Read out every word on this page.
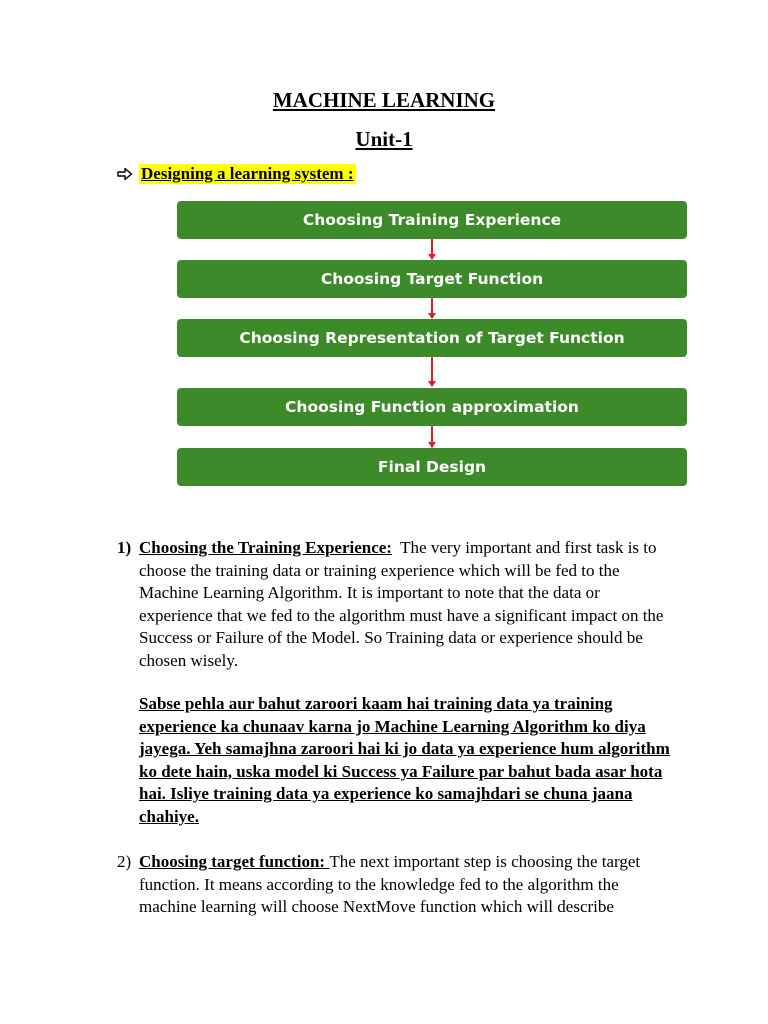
MACHINE LEARNING
Unit-1
Designing a learning system :
Choosing Training Experience
Choosing Target Function
Choosing Representation of Target Function
Choosing Function approximation
Final Design
1) Choosing the Training Experience:  The very important and first task is to choose the training data or training experience which will be fed to the Machine Learning Algorithm. It is important to note that the data or experience that we fed to the algorithm must have a significant impact on the Success or Failure of the Model. So Training data or experience should be chosen wisely.
Sabse pehla aur bahut zaroori kaam hai training data ya training experience ka chunaav karna jo Machine Learning Algorithm ko diya jayega. Yeh samajhna zaroori hai ki jo data ya experience hum algorithm ko dete hain, uska model ki Success ya Failure par bahut bada asar hota hai. Isliye training data ya experience ko samajhdari se chuna jaana chahiye.
2) Choosing target function: The next important step is choosing the target function. It means according to the knowledge fed to the algorithm the machine learning will choose NextMove function which will describe
